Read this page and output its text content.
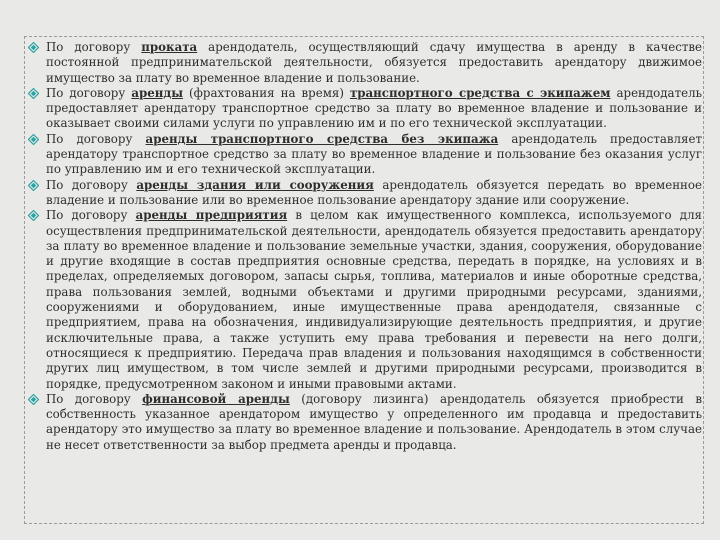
По договору проката арендодатель, осуществляющий сдачу имущества в аренду в качестве постоянной предпринимательской деятельности, обязуется предоставить арендатору движимое имущество за плату во временное владение и пользование.
По договору аренды (фрахтования на время) транспортного средства с экипажем арендодатель предоставляет арендатору транспортное средство за плату во временное владение и пользование и оказывает своими силами услуги по управлению им и по его технической эксплуатации.
По договору аренды транспортного средства без экипажа арендодатель предоставляет арендатору транспортное средство за плату во временное владение и пользование без оказания услуг по управлению им и его технической эксплуатации.
По договору аренды здания или сооружения арендодатель обязуется передать во временное владение и пользование или во временное пользование арендатору здание или сооружение.
По договору аренды предприятия в целом как имущественного комплекса, используемого для осуществления предпринимательской деятельности, арендодатель обязуется предоставить арендатору за плату во временное владение и пользование земельные участки, здания, сооружения, оборудование и другие входящие в состав предприятия основные средства, передать в порядке, на условиях и в пределах, определяемых договором, запасы сырья, топлива, материалов и иные оборотные средства, права пользования землей, водными объектами и другими природными ресурсами, зданиями, сооружениями и оборудованием, иные имущественные права арендодателя, связанные с предприятием, права на обозначения, индивидуализирующие деятельность предприятия, и другие исключительные права, а также уступить ему права требования и перевести на него долги, относящиеся к предприятию. Передача прав владения и пользования находящимся в собственности других лиц имуществом, в том числе землей и другими природными ресурсами, производится в порядке, предусмотренном законом и иными правовыми актами.
По договору финансовой аренды (договору лизинга) арендодатель обязуется приобрести в собственность указанное арендатором имущество у определенного им продавца и предоставить арендатору это имущество за плату во временное владение и пользование. Арендодатель в этом случае не несет ответственности за выбор предмета аренды и продавца.
